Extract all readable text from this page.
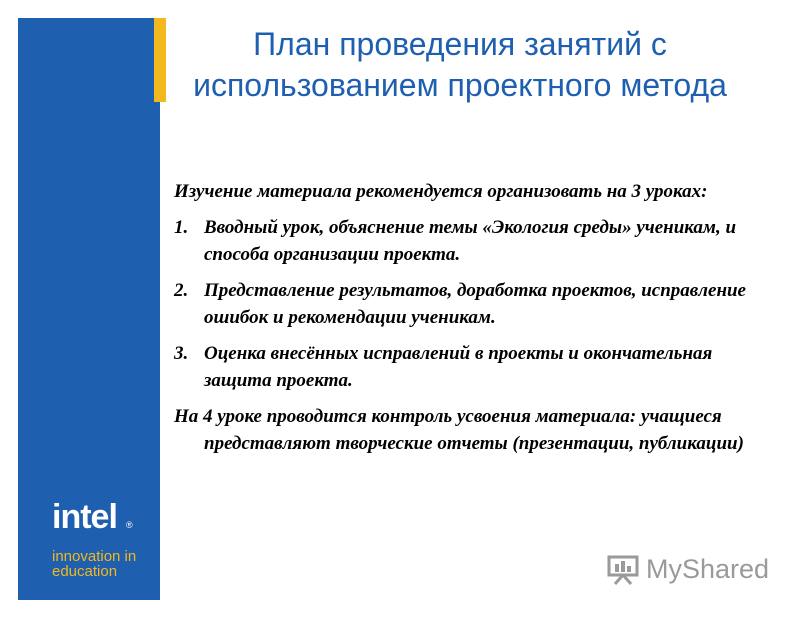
intel ®
innovation in
education
План проведения занятий с использованием проектного метода
Изучение материала рекомендуется организовать на 3 уроках:
1. Вводный урок, объяснение темы «Экология среды» ученикам, и способа организации проекта.
2. Представление результатов, доработка проектов, исправление ошибок и рекомендации ученикам.
3. Оценка внесённых исправлений в проекты и окончательная защита проекта.
На 4 уроке проводится контроль усвоения материала: учащиеся представляют творческие отчеты (презентации, публикации)
MyShared
